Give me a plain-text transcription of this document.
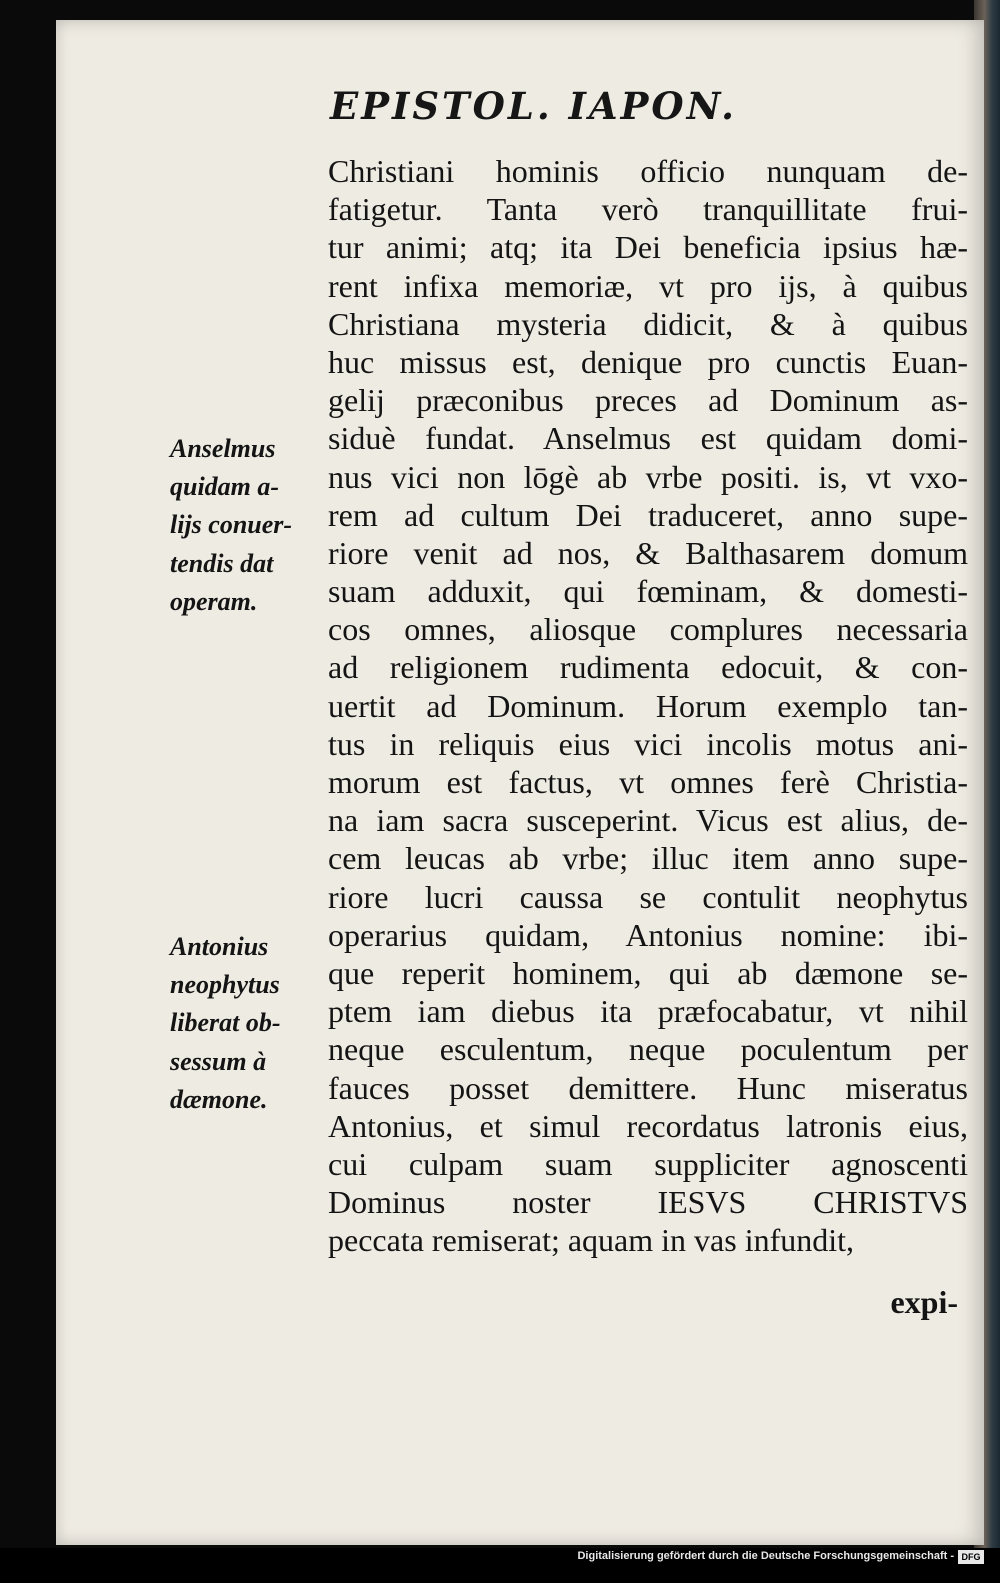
EPISTOL. IAPON.
Anselmus
quidam a-
lijs conuer-
tendis dat
operam.
Antonius
neophytus
liberat ob-
sessum à
dæmone.
Christiani hominis officio nunquam de-
fatigetur. Tanta verò tranquillitate frui-
tur animi; atq; ita Dei beneficia ipsius hæ-
rent infixa memoriæ, vt pro ijs, à quibus
Christiana mysteria didicit, & à quibus
huc missus est, denique pro cunctis Euan-
gelij præconibus preces ad Dominum as-
siduè fundat. Anselmus est quidam domi-
nus vici non lōgè ab vrbe positi. is, vt vxo-
rem ad cultum Dei traduceret, anno supe-
riore venit ad nos, & Balthasarem domum
suam adduxit, qui fœminam, & domesti-
cos omnes, aliosque complures necessaria
ad religionem rudimenta edocuit, & con-
uertit ad Dominum. Horum exemplo tan-
tus in reliquis eius vici incolis motus ani-
morum est factus, vt omnes ferè Christia-
na iam sacra susceperint. Vicus est alius, de-
cem leucas ab vrbe; illuc item anno supe-
riore lucri caussa se contulit neophytus
operarius quidam, Antonius nomine: ibi-
que reperit hominem, qui ab dæmone se-
ptem iam diebus ita præfocabatur, vt nihil
neque esculentum, neque poculentum per
fauces posset demittere. Hunc miseratus
Antonius, et simul recordatus latronis eius,
cui culpam suam suppliciter agnoscenti
Dominus noster IESVS CHRISTVS
peccata remiserat; aquam in vas infundit,
expi-
Digitalisierung gefördert durch die Deutsche Forschungsgemeinschaft - DFG
